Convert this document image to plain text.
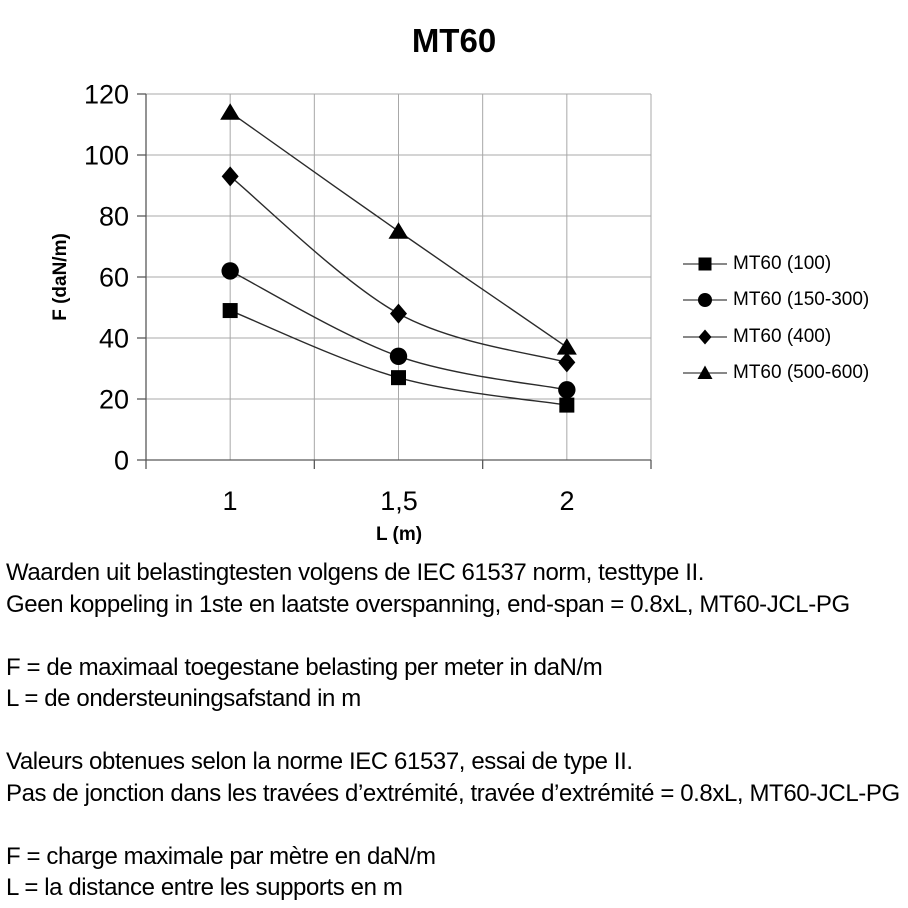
MT60
0
20
40
60
80
100
120
1	1,5	2
F (daN/m)
L (m)
MT60 (100)
MT60 (150-300)
MT60 (400)
MT60 (500-600)

Waarden uit belastingtesten volgens de IEC 61537 norm, testtype II.
Geen koppeling in 1ste en laatste overspanning, end-span = 0.8xL, MT60-JCL-PG

F = de maximaal toegestane belasting per meter in daN/m
L = de ondersteuningsafstand in m

Valeurs obtenues selon la norme IEC 61537, essai de type II.
Pas de jonction dans les travées d’extrémité, travée d’extrémité = 0.8xL, MT60-JCL-PG

F = charge maximale par mètre en daN/m
L = la distance entre les supports en m
